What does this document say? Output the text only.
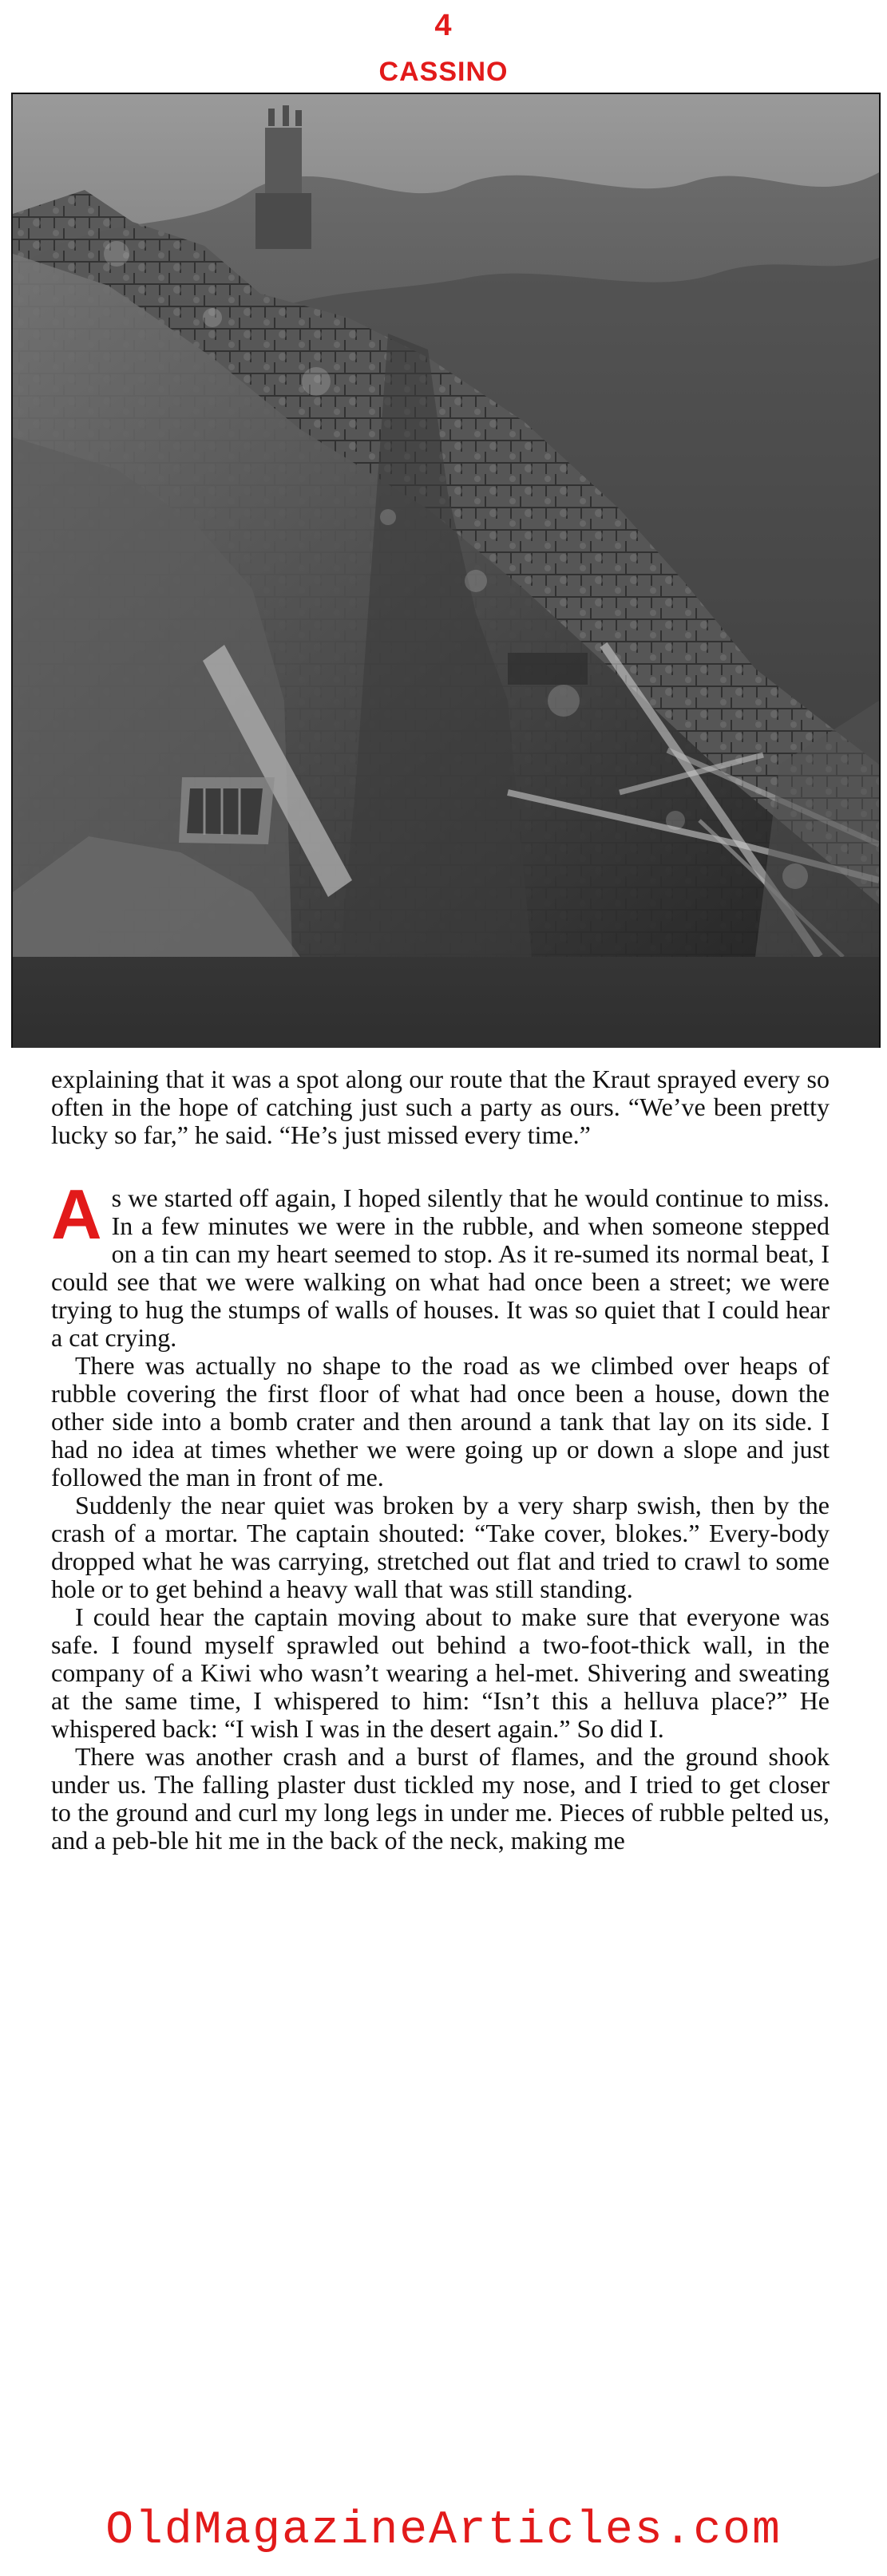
4
CASSINO

explaining that it was a spot along our route that the Kraut sprayed every so often in the hope of catching just such a party as ours. “We’ve been pretty lucky so far,” he said. “He’s just missed every time.”

A s we started off again, I hoped silently that he would continue to miss. In a few minutes we were in the rubble, and when someone stepped on a tin can my heart seemed to stop. As it re-sumed its normal beat, I could see that we were walking on what had once been a street; we were trying to hug the stumps of walls of houses. It was so quiet that I could hear a cat crying.

There was actually no shape to the road as we climbed over heaps of rubble covering the first floor of what had once been a house, down the other side into a bomb crater and then around a tank that lay on its side. I had no idea at times whether we were going up or down a slope and just followed the man in front of me.

Suddenly the near quiet was broken by a very sharp swish, then by the crash of a mortar. The captain shouted: “Take cover, blokes.” Every-body dropped what he was carrying, stretched out flat and tried to crawl to some hole or to get behind a heavy wall that was still standing.

I could hear the captain moving about to make sure that everyone was safe. I found myself sprawled out behind a two-foot-thick wall, in the company of a Kiwi who wasn’t wearing a hel-met. Shivering and sweating at the same time, I whispered to him: “Isn’t this a helluva place?” He whispered back: “I wish I was in the desert again.” So did I.

There was another crash and a burst of flames, and the ground shook under us. The falling plaster dust tickled my nose, and I tried to get closer to the ground and curl my long legs in under me. Pieces of rubble pelted us, and a peb-ble hit me in the back of the neck, making me

OldMagazineArticles.com
